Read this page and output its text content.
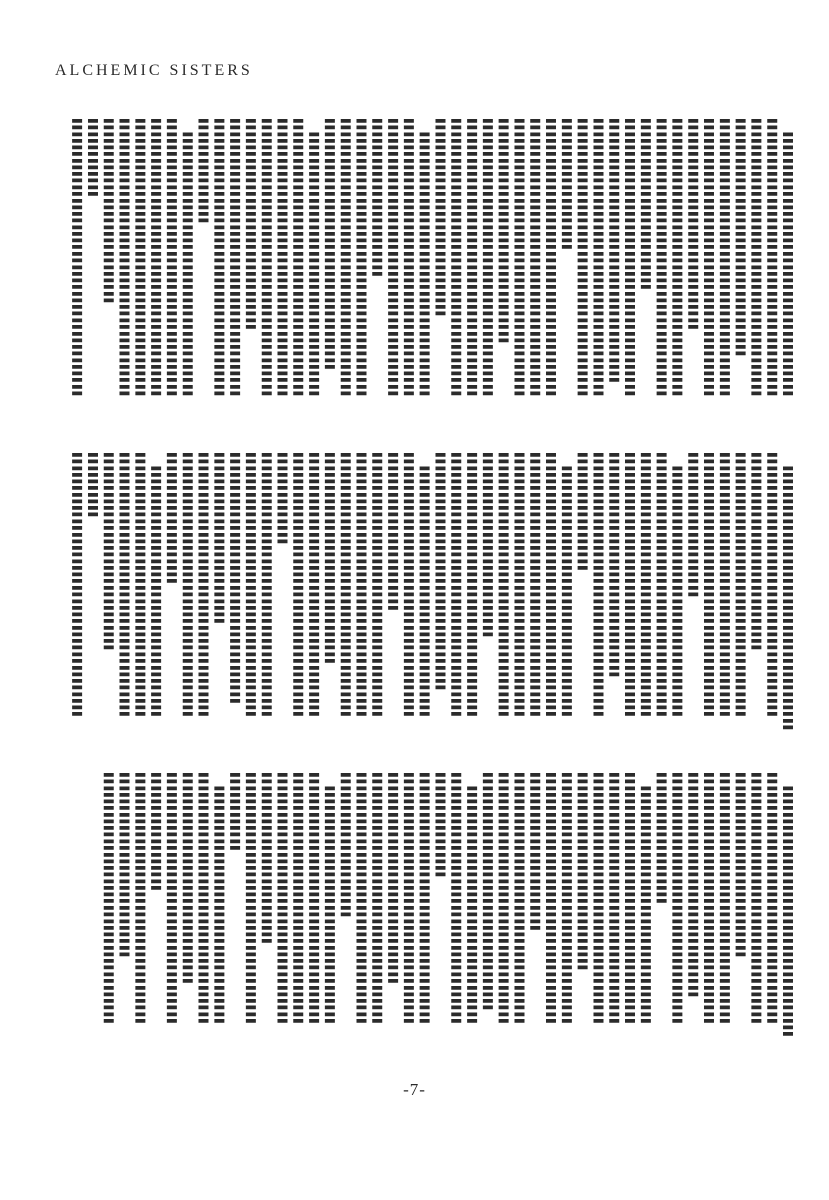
ALCHEMIC SISTERS
　〓〓〓〓〓〓〓〓〓〓〓〓〓〓〓〓〓〓〓〓
〓〓〓〓〓〓〓〓〓〓〓〓〓〓〓〓〓〓〓〓〓
〓〓〓〓〓〓〓〓〓〓〓〓〓〓〓〓〓〓〓〓〓
〓〓〓〓〓〓〓〓〓〓〓〓〓〓〓〓〓〓
〓〓〓〓〓〓〓〓〓〓〓〓〓〓〓〓〓〓〓〓〓
〓〓〓〓〓〓〓〓〓〓〓〓〓〓〓〓〓〓〓〓〓
〓〓〓〓〓〓〓〓〓〓〓〓〓〓〓〓
〓〓〓〓〓〓〓〓〓〓〓〓〓〓〓〓〓〓〓〓〓
〓〓〓〓〓〓〓〓〓〓〓〓〓〓〓〓〓〓〓〓〓
〓〓〓〓〓〓〓〓〓〓〓〓〓
〓〓〓〓〓〓〓〓〓〓〓〓〓〓〓〓〓〓〓〓〓
〓〓〓〓〓〓〓〓〓〓〓〓〓〓〓〓〓〓〓〓
〓〓〓〓〓〓〓〓〓〓〓〓〓〓〓〓〓〓〓〓〓
〓〓〓〓〓〓〓〓〓〓〓〓〓〓〓〓〓〓〓〓〓
〓〓〓〓〓〓〓〓〓〓
〓〓〓〓〓〓〓〓〓〓〓〓〓〓〓〓〓〓〓〓〓
〓〓〓〓〓〓〓〓〓〓〓〓〓〓〓〓〓〓〓〓〓
〓〓〓〓〓〓〓〓〓〓〓〓〓〓〓〓〓〓〓〓〓
〓〓〓〓〓〓〓〓〓〓〓〓〓〓〓〓〓
〓〓〓〓〓〓〓〓〓〓〓〓〓〓〓〓〓〓〓〓〓
〓〓〓〓〓〓〓〓〓〓〓〓〓〓〓〓〓〓〓〓〓
〓〓〓〓〓〓〓〓〓〓〓〓〓〓〓〓〓〓〓〓〓
〓〓〓〓〓〓〓〓〓〓〓〓〓〓〓
　〓〓〓〓〓〓〓〓〓〓〓〓〓〓〓〓〓〓〓〓
〓〓〓〓〓〓〓〓〓〓〓〓〓〓〓〓〓〓〓〓〓
〓〓〓〓〓〓〓〓〓〓〓〓〓〓〓〓〓〓〓〓〓
〓〓〓〓〓〓〓〓〓〓〓〓
〓〓〓〓〓〓〓〓〓〓〓〓〓〓〓〓〓〓〓〓〓
〓〓〓〓〓〓〓〓〓〓〓〓〓〓〓〓〓〓〓〓〓
〓〓〓〓〓〓〓〓〓〓〓〓〓〓〓〓〓〓〓
　〓〓〓〓〓〓〓〓〓〓〓〓〓〓〓〓〓〓〓〓
〓〓〓〓〓〓〓〓〓〓〓〓〓〓〓〓〓〓〓〓〓
〓〓〓〓〓〓〓〓〓〓〓〓〓〓〓〓〓〓〓〓〓
〓〓〓〓〓〓〓〓〓〓〓〓〓〓〓〓〓〓〓〓〓
〓〓〓〓〓〓〓〓〓〓〓〓〓〓〓〓
〓〓〓〓〓〓〓〓〓〓〓〓〓〓〓〓〓〓〓〓〓
〓〓〓〓〓〓〓〓〓〓〓〓〓〓〓〓〓〓〓〓〓
〓〓〓〓〓〓〓〓
　〓〓〓〓〓〓〓〓〓〓〓〓〓〓〓〓〓〓〓〓
〓〓〓〓〓〓〓〓〓〓〓〓〓〓〓〓〓〓〓〓〓
〓〓〓〓〓〓〓〓〓〓〓〓〓〓〓〓〓〓〓〓〓
〓〓〓〓〓〓〓〓〓〓〓〓〓〓〓〓〓〓〓〓〓
〓〓〓〓〓〓〓〓〓〓〓〓〓〓〓〓〓〓〓〓〓
〓〓〓〓〓〓〓〓〓〓〓〓〓〓
〓〓〓〓〓〓
〓〓〓〓〓〓〓〓〓〓〓〓〓〓〓〓〓〓〓〓〓
　〓〓〓〓〓〓〓〓〓〓〓〓〓〓〓〓〓〓〓〓
〓〓〓〓〓〓〓〓〓〓〓〓〓〓〓〓〓〓〓〓
〓〓〓〓〓〓〓〓〓〓〓〓〓〓〓
〓〓〓〓〓〓〓〓〓〓〓〓〓〓〓〓〓〓〓〓
〓〓〓〓〓〓〓〓〓〓〓〓〓〓〓〓〓〓〓〓
〓〓〓〓〓〓〓〓〓〓〓〓〓〓〓〓〓〓〓〓
〓〓〓〓〓〓〓〓〓〓〓
　〓〓〓〓〓〓〓〓〓〓〓〓〓〓〓〓〓〓〓
〓〓〓〓〓〓〓〓〓〓〓〓〓〓〓〓〓〓〓〓
〓〓〓〓〓〓〓〓〓〓〓〓〓〓〓〓〓〓〓〓
〓〓〓〓〓〓〓〓〓〓〓〓〓〓〓〓〓〓〓〓
〓〓〓〓〓〓〓〓〓〓〓〓〓〓〓〓〓
〓〓〓〓〓〓〓〓〓〓〓〓〓〓〓〓〓〓〓〓
〓〓〓〓〓〓〓〓〓
　〓〓〓〓〓〓〓〓〓〓〓〓〓〓〓〓〓〓〓
〓〓〓〓〓〓〓〓〓〓〓〓〓〓〓〓〓〓〓〓
〓〓〓〓〓〓〓〓〓〓〓〓〓〓〓〓〓〓〓〓
〓〓〓〓〓〓〓〓〓〓〓〓〓〓〓〓〓〓〓〓
〓〓〓〓〓〓〓〓〓〓〓〓〓〓〓〓〓〓〓〓
〓〓〓〓〓〓〓〓〓〓〓〓〓〓
〓〓〓〓〓〓〓〓〓〓〓〓〓〓〓〓〓〓〓〓
〓〓〓〓〓〓〓〓〓〓〓〓〓〓〓〓〓〓〓〓
〓〓〓〓〓〓〓〓〓〓〓〓〓〓〓〓〓〓
　〓〓〓〓〓〓〓〓〓〓〓〓〓〓〓〓〓〓〓
〓〓〓〓〓〓〓〓〓〓〓〓〓〓〓〓〓〓〓〓
〓〓〓〓〓〓〓〓〓〓〓〓
〓〓〓〓〓〓〓〓〓〓〓〓〓〓〓〓〓〓〓〓
〓〓〓〓〓〓〓〓〓〓〓〓〓〓〓〓〓〓〓〓
〓〓〓〓〓〓〓〓〓〓〓〓〓〓〓〓〓〓〓〓
〓〓〓〓〓〓〓〓〓〓〓〓〓〓〓〓
〓〓〓〓〓〓〓〓〓〓〓〓〓〓〓〓〓〓〓〓
〓〓〓〓〓〓〓〓〓〓〓〓〓〓〓〓〓〓〓〓
〓〓〓〓〓〓〓
〓〓〓〓〓〓〓〓〓〓〓〓〓〓〓〓〓〓〓〓
〓〓〓〓〓〓〓〓〓〓〓〓〓〓〓〓〓〓〓〓
〓〓〓〓〓〓〓〓〓〓〓〓〓〓〓〓〓〓〓
〓〓〓〓〓〓〓〓〓〓〓〓〓
〓〓〓〓〓〓〓〓〓〓〓〓〓〓〓〓〓〓〓〓
〓〓〓〓〓〓〓〓〓〓〓〓〓〓〓〓〓〓〓〓
〓〓〓〓〓〓〓〓〓〓
　〓〓〓〓〓〓〓〓〓〓〓〓〓〓〓〓〓〓〓
〓〓〓〓〓〓〓〓〓〓〓〓〓〓〓〓〓〓〓〓
〓〓〓〓〓〓〓〓〓〓〓〓〓〓〓〓〓〓〓〓
〓〓〓〓〓〓〓〓〓〓〓〓〓〓〓
〓〓〓〓〓
〓〓〓〓〓〓〓〓〓〓〓〓〓〓〓〓〓〓〓〓
　〓〓〓〓〓〓〓〓〓〓〓〓〓〓〓〓〓〓〓
〓〓〓〓〓〓〓〓〓〓〓〓〓〓〓〓〓〓〓
〓〓〓〓〓〓〓〓〓〓〓〓〓〓〓〓〓〓〓
〓〓〓〓〓〓〓〓〓〓〓〓〓〓
〓〓〓〓〓〓〓〓〓〓〓〓〓〓〓〓〓〓〓
〓〓〓〓〓〓〓〓〓〓〓〓〓〓〓〓〓〓〓
〓〓〓〓〓〓〓〓〓〓〓〓〓〓〓〓〓
〓〓〓〓〓〓〓〓〓〓〓〓〓〓〓〓〓〓〓
〓〓〓〓〓〓〓〓〓〓
　〓〓〓〓〓〓〓〓〓〓〓〓〓〓〓〓〓〓
〓〓〓〓〓〓〓〓〓〓〓〓〓〓〓〓〓〓〓
〓〓〓〓〓〓〓〓〓〓〓〓〓〓〓〓〓〓〓
〓〓〓〓〓〓〓〓〓〓〓〓〓〓〓〓〓〓〓
〓〓〓〓〓〓〓〓〓〓〓〓〓〓〓
〓〓〓〓〓〓〓〓〓〓〓〓〓〓〓〓〓〓〓
〓〓〓〓〓〓〓〓〓〓〓〓〓〓〓〓〓〓〓
〓〓〓〓〓〓〓〓〓〓〓〓
〓〓〓〓〓〓〓〓〓〓〓〓〓〓〓〓〓〓〓
〓〓〓〓〓〓〓〓〓〓〓〓〓〓〓〓〓〓〓
〓〓〓〓〓〓〓〓〓〓〓〓〓〓〓〓〓〓
　〓〓〓〓〓〓〓〓〓〓〓〓〓〓〓〓〓〓
〓〓〓〓〓〓〓〓〓〓〓〓〓〓〓〓〓〓〓
〓〓〓〓〓〓〓〓
〓〓〓〓〓〓〓〓〓〓〓〓〓〓〓〓〓〓〓
〓〓〓〓〓〓〓〓〓〓〓〓〓〓〓〓〓〓〓
〓〓〓〓〓〓〓〓〓〓〓〓〓〓〓〓
〓〓〓〓〓〓〓〓〓〓〓〓〓〓〓〓〓〓〓
〓〓〓〓〓〓〓〓〓〓〓〓〓〓〓〓〓〓〓
〓〓〓〓〓〓〓〓〓〓〓
　〓〓〓〓〓〓〓〓〓〓〓〓〓〓〓〓〓〓
〓〓〓〓〓〓〓〓〓〓〓〓〓〓〓〓〓〓〓
〓〓〓〓〓〓〓〓〓〓〓〓〓〓〓〓〓〓〓
〓〓〓〓〓〓〓〓〓〓〓〓〓〓〓〓〓〓〓
〓〓〓〓〓〓〓〓〓〓〓〓〓
〓〓〓〓〓〓〓〓〓〓〓〓〓〓〓〓〓〓〓
〓〓〓〓〓〓
　〓〓〓〓〓〓〓〓〓〓〓〓〓〓〓〓〓〓
〓〓〓〓〓〓〓〓〓〓〓〓〓〓〓〓〓〓〓
〓〓〓〓〓〓〓〓〓〓〓〓〓〓〓〓
〓〓〓〓〓〓〓〓〓〓〓〓〓〓〓〓〓〓〓
〓〓〓〓〓〓〓〓〓
〓〓〓〓〓〓〓〓〓〓〓〓〓〓〓〓〓〓〓
〓〓〓〓〓〓〓〓〓〓〓〓〓〓
〓〓〓〓〓〓〓〓〓〓〓〓〓〓〓〓〓〓〓
-7-
